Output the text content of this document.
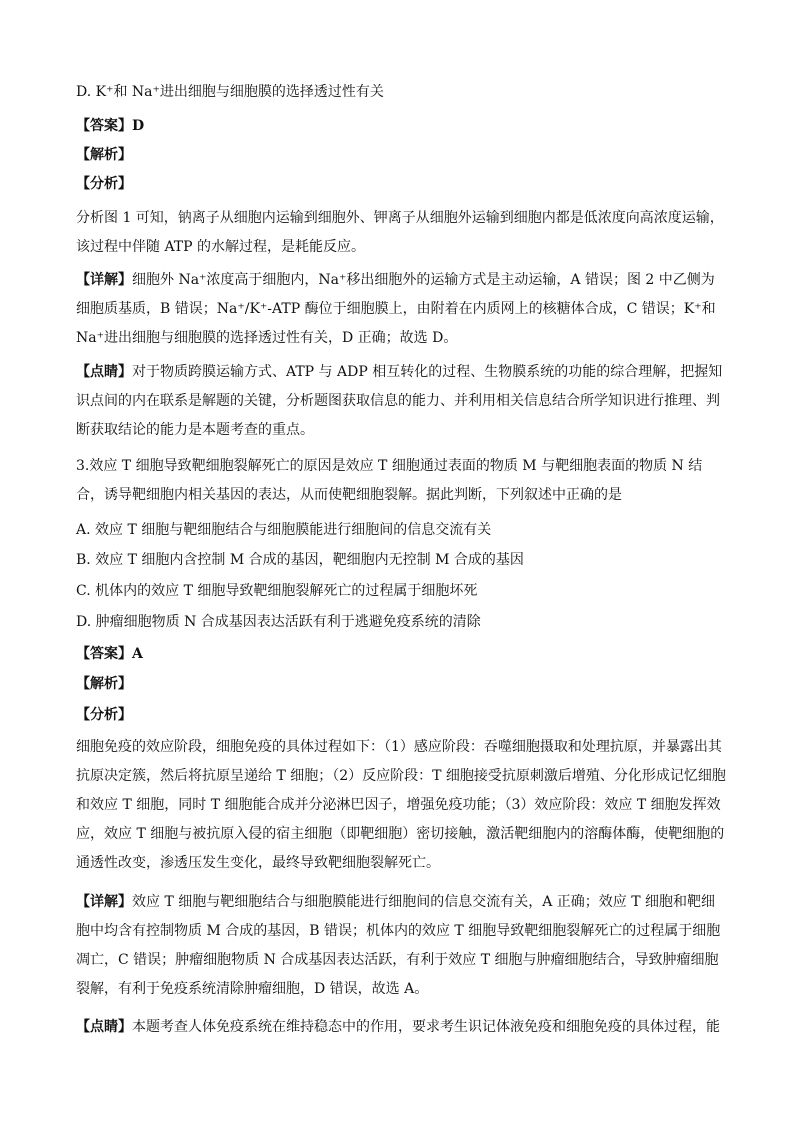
D. K⁺和 Na⁺进出细胞与细胞膜的选择透过性有关
【答案】D
【解析】
【分析】
分析图 1 可知，钠离子从细胞内运输到细胞外、钾离子从细胞外运输到细胞内都是低浓度向高浓度运输，该过程中伴随 ATP 的水解过程，是耗能反应。
【详解】细胞外 Na⁺浓度高于细胞内，Na⁺移出细胞外的运输方式是主动运输，A 错误；图 2 中乙侧为细胞质基质，B 错误；Na⁺/K⁺-ATP 酶位于细胞膜上，由附着在内质网上的核糖体合成，C 错误；K⁺和 Na⁺进出细胞与细胞膜的选择透过性有关，D 正确；故选 D。
【点睛】对于物质跨膜运输方式、ATP 与 ADP 相互转化的过程、生物膜系统的功能的综合理解，把握知识点间的内在联系是解题的关键，分析题图获取信息的能力、并利用相关信息结合所学知识进行推理、判断获取结论的能力是本题考查的重点。
3.效应 T 细胞导致靶细胞裂解死亡的原因是效应 T 细胞通过表面的物质 M 与靶细胞表面的物质 N 结合，诱导靶细胞内相关基因的表达，从而使靶细胞裂解。据此判断，下列叙述中正确的是
A. 效应 T 细胞与靶细胞结合与细胞膜能进行细胞间的信息交流有关
B. 效应 T 细胞内含控制 M 合成的基因，靶细胞内无控制 M 合成的基因
C. 机体内的效应 T 细胞导致靶细胞裂解死亡的过程属于细胞坏死
D. 肿瘤细胞物质 N 合成基因表达活跃有利于逃避免疫系统的清除
【答案】A
【解析】
【分析】
细胞免疫的效应阶段，细胞免疫的具体过程如下：（1）感应阶段：吞噬细胞摄取和处理抗原，并暴露出其抗原决定簇，然后将抗原呈递给 T 细胞；（2）反应阶段：T 细胞接受抗原刺激后增殖、分化形成记忆细胞和效应 T 细胞，同时 T 细胞能合成并分泌淋巴因子，增强免疫功能；（3）效应阶段：效应 T 细胞发挥效应，效应 T 细胞与被抗原入侵的宿主细胞（即靶细胞）密切接触，激活靶细胞内的溶酶体酶，使靶细胞的通透性改变，渗透压发生变化，最终导致靶细胞裂解死亡。
【详解】效应 T 细胞与靶细胞结合与细胞膜能进行细胞间的信息交流有关，A 正确；效应 T 细胞和靶细胞中均含有控制物质 M 合成的基因，B 错误；机体内的效应 T 细胞导致靶细胞裂解死亡的过程属于细胞凋亡，C 错误；肿瘤细胞物质 N 合成基因表达活跃，有利于效应 T 细胞与肿瘤细胞结合，导致肿瘤细胞裂解，有利于免疫系统清除肿瘤细胞，D 错误，故选 A。
【点睛】本题考查人体免疫系统在维持稳态中的作用，要求考生识记体液免疫和细胞免疫的具体过程，能
